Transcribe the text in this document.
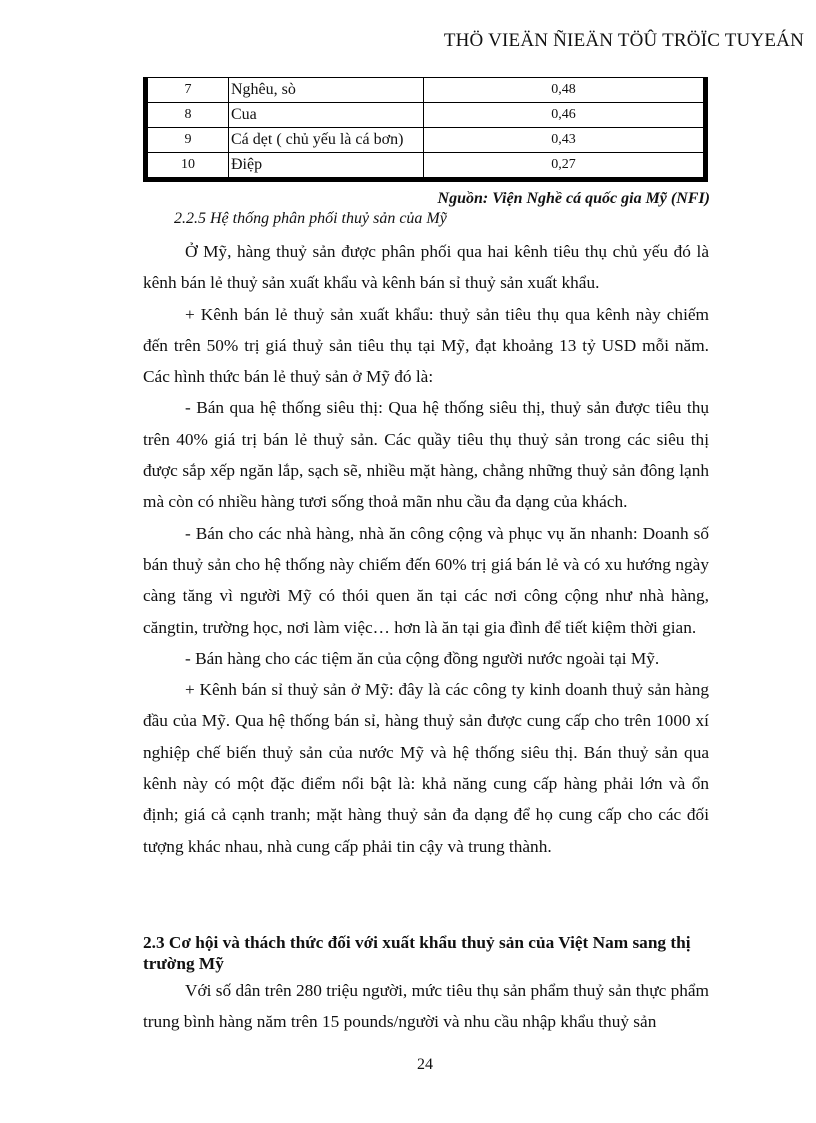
THÖ VIEÄN ÑIEÄN TÖÛ TRÖÏC TUYEÁN
7	Nghêu, sò	0,48
8	Cua	0,46
9	Cá dẹt ( chủ yếu là cá bơn)	0,43
10	Điệp	0,27
Nguồn: Viện Nghề cá quốc gia Mỹ (NFI)
2.2.5 Hệ thống phân phối thuỷ sản của Mỹ

Ở Mỹ, hàng thuỷ sản được phân phối qua hai kênh tiêu thụ chủ yếu đó là kênh bán lẻ thuỷ sản xuất khẩu và kênh bán sỉ thuỷ sản xuất khẩu.

+ Kênh bán lẻ thuỷ sản xuất khẩu: thuỷ sản tiêu thụ qua kênh này chiếm đến trên 50% trị giá thuỷ sản tiêu thụ tại Mỹ, đạt khoảng 13 tỷ USD mỗi năm. Các hình thức bán lẻ thuỷ sản ở Mỹ đó là:

- Bán qua hệ thống siêu thị: Qua hệ thống siêu thị, thuỷ sản được tiêu thụ trên 40% giá trị bán lẻ thuỷ sản. Các quầy tiêu thụ thuỷ sản trong các siêu thị được sắp xếp ngăn lắp, sạch sẽ, nhiều mặt hàng, chẳng những thuỷ sản đông lạnh mà còn có nhiều hàng tươi sống thoả mãn nhu cầu đa dạng của khách.

- Bán cho các nhà hàng, nhà ăn công cộng và phục vụ ăn nhanh: Doanh số bán thuỷ sản cho hệ thống này chiếm đến 60% trị giá bán lẻ và có xu hướng ngày càng tăng vì người Mỹ có thói quen ăn tại các nơi công cộng như nhà hàng, căngtin, trường học, nơi làm việc… hơn là ăn tại gia đình để tiết kiệm thời gian.

- Bán hàng cho các tiệm ăn của cộng đồng người nước ngoài tại Mỹ.

+ Kênh bán sỉ thuỷ sản ở Mỹ: đây là các công ty kinh doanh thuỷ sản hàng đầu của Mỹ. Qua hệ thống bán sỉ, hàng thuỷ sản được cung cấp cho trên 1000 xí nghiệp chế biến thuỷ sản của nước Mỹ và hệ thống siêu thị. Bán thuỷ sản qua kênh này có một đặc điểm nổi bật là: khả năng cung cấp hàng phải lớn và ổn định; giá cả cạnh tranh; mặt hàng thuỷ sản đa dạng để họ cung cấp cho các đối tượng khác nhau, nhà cung cấp phải tin cậy và trung thành.

2.3 Cơ hội và thách thức đối với xuất khẩu thuỷ sản của Việt Nam sang thị trường Mỹ

Với số dân trên 280 triệu người, mức tiêu thụ sản phẩm thuỷ sản thực phẩm trung bình hàng năm trên 15 pounds/người và nhu cầu nhập khẩu thuỷ sản

24
